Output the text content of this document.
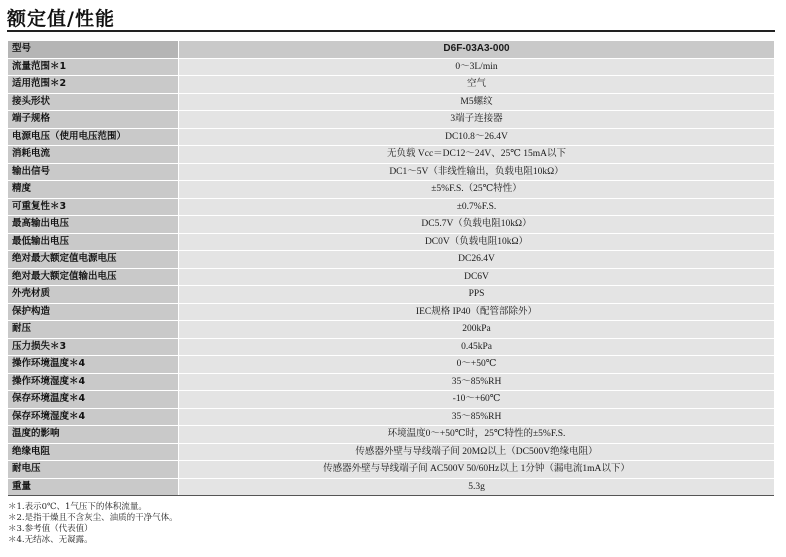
额定值/性能
型号	D6F-03A3-000
流量范围＊1	0～3L/min
适用范围＊2	空气
接头形状	M5螺纹
端子规格	3端子连接器
电源电压（使用电压范围）	DC10.8～26.4V
消耗电流	无负载 Vcc＝DC12～24V、25℃ 15mA以下
输出信号	DC1～5V（非线性输出，负载电阻10kΩ）
精度	±5%F.S.（25℃特性）
可重复性＊3	±0.7%F.S.
最高输出电压	DC5.7V（负载电阻10kΩ）
最低输出电压	DC0V（负载电阻10kΩ）
绝对最大额定值电源电压	DC26.4V
绝对最大额定值输出电压	DC6V
外壳材质	PPS
保护构造	IEC规格 IP40（配管部除外）
耐压	200kPa
压力损失＊3	0.45kPa
操作环境温度＊4	0～+50℃
操作环境湿度＊4	35～85%RH
保存环境温度＊4	-10～+60℃
保存环境湿度＊4	35～85%RH
温度的影响	环境温度0～+50℃时，25℃特性的±5%F.S.
绝缘电阻	传感器外壁与导线端子间 20MΩ以上（DC500V绝缘电阻）
耐电压	传感器外壁与导线端子间 AC500V 50/60Hz以上 1分钟（漏电流1mA以下）
重量	5.3g
＊1.表示0℃、1气压下的体积流量。
＊2.是指干燥且不含灰尘、油质的干净气体。
＊3.参考值（代表值）
＊4.无结冰、无凝露。
